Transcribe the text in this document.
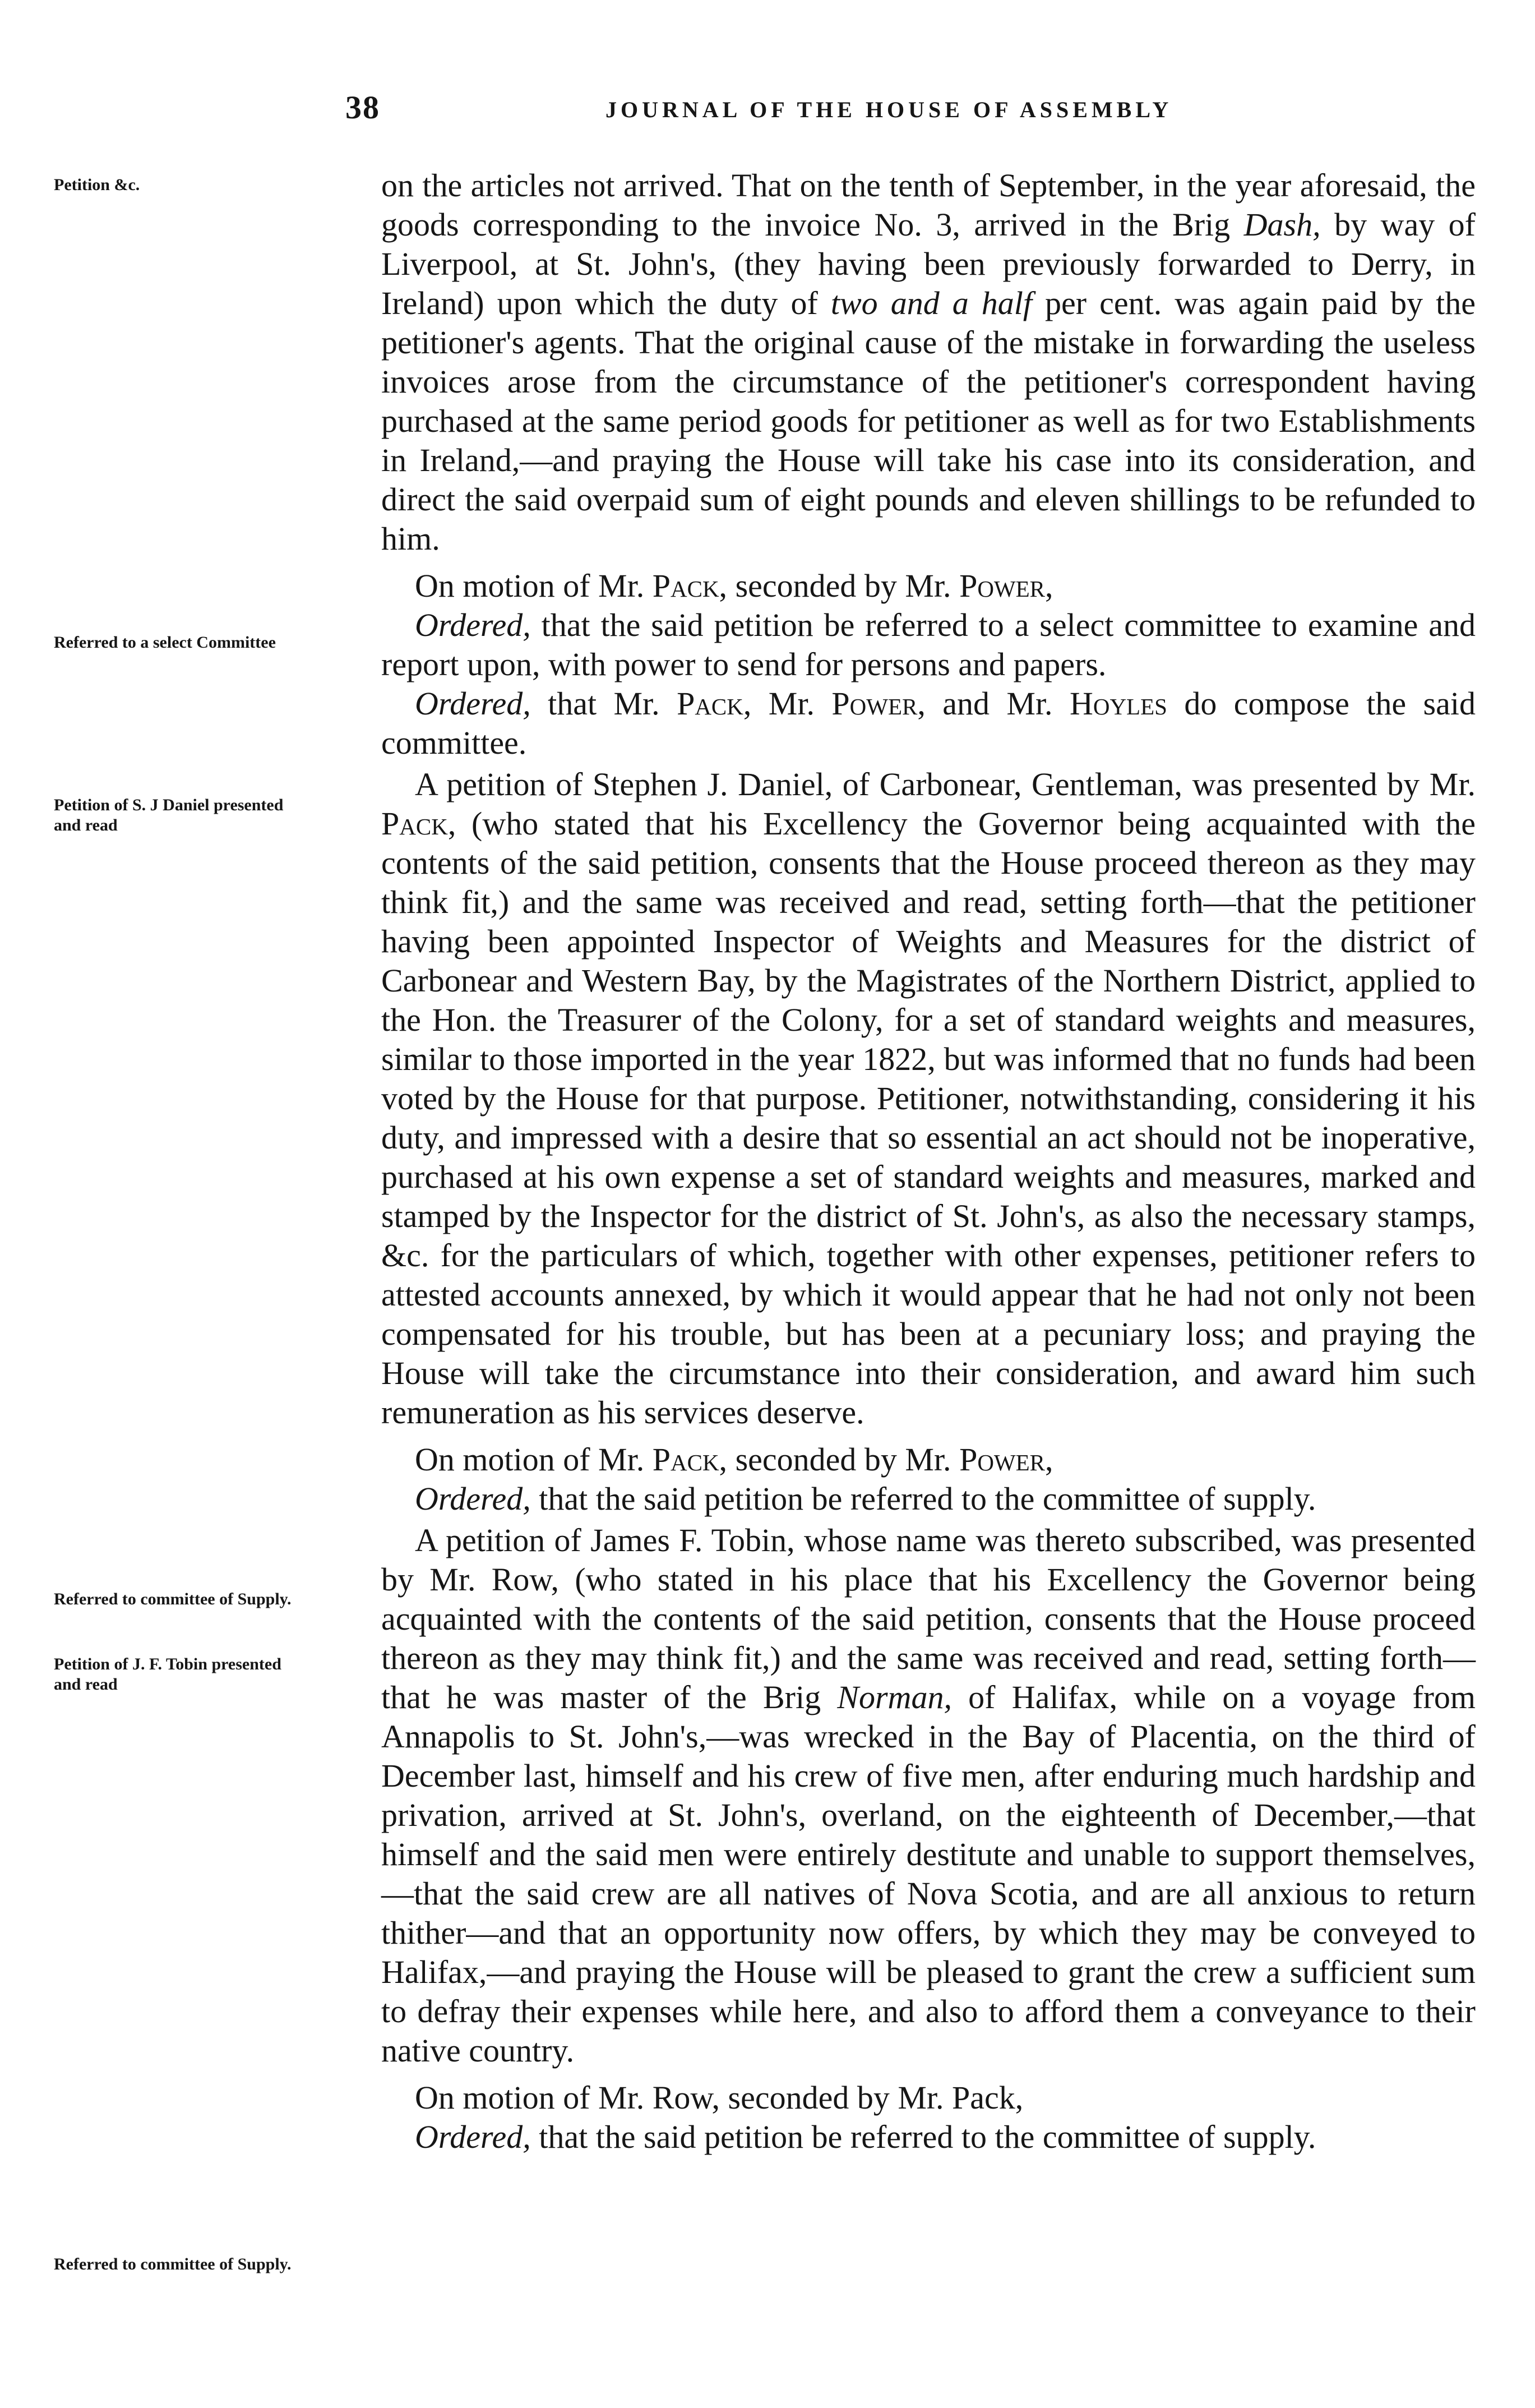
38	JOURNAL OF THE HOUSE OF ASSEMBLY
Petition &c.
Referred to a select Committee
Petition of S. J Daniel presented and read
Referred to committee of Supply.
Petition of J. F. Tobin presented and read
Referred to committee of Supply.

on the articles not arrived. That on the tenth of September, in the year aforesaid, the goods corresponding to the invoice No. 3, arrived in the Brig Dash, by way of Liverpool, at St. John's, (they having been previously forwarded to Derry, in Ireland) upon which the duty of two and a half per cent. was again paid by the petitioner's agents. That the original cause of the mistake in forwarding the useless invoices arose from the circumstance of the petitioner's correspondent having purchased at the same period goods for petitioner as well as for two Establishments in Ireland,—and praying the House will take his case into its consideration, and direct the said overpaid sum of eight pounds and eleven shillings to be refunded to him.

On motion of Mr. Pack, seconded by Mr. Power,

Ordered, that the said petition be referred to a select committee to examine and report upon, with power to send for persons and papers.

Ordered, that Mr. Pack, Mr. Power, and Mr. Hoyles do compose the said committee.

A petition of Stephen J. Daniel, of Carbonear, Gentleman, was presented by Mr. Pack, (who stated that his Excellency the Governor being acquainted with the contents of the said petition, consents that the House proceed thereon as they may think fit,) and the same was received and read, setting forth—that the petitioner having been appointed Inspector of Weights and Measures for the district of Carbonear and Western Bay, by the Magistrates of the Northern District, applied to the Hon. the Treasurer of the Colony, for a set of standard weights and measures, similar to those imported in the year 1822, but was informed that no funds had been voted by the House for that purpose. Petitioner, notwithstanding, considering it his duty, and impressed with a desire that so essential an act should not be inoperative, purchased at his own expense a set of standard weights and measures, marked and stamped by the Inspector for the district of St. John's, as also the necessary stamps, &c. for the particulars of which, together with other expenses, petitioner refers to attested accounts annexed, by which it would appear that he had not only not been compensated for his trouble, but has been at a pecuniary loss; and praying the House will take the circumstance into their consideration, and award him such remuneration as his services deserve.

On motion of Mr. Pack, seconded by Mr. Power,

Ordered, that the said petition be referred to the committee of supply.

A petition of James F. Tobin, whose name was thereto subscribed, was presented by Mr. Row, (who stated in his place that his Excellency the Governor being acquainted with the contents of the said petition, consents that the House proceed thereon as they may think fit,) and the same was received and read, setting forth—that he was master of the Brig Norman, of Halifax, while on a voyage from Annapolis to St. John's,—was wrecked in the Bay of Placentia, on the third of December last, himself and his crew of five men, after enduring much hardship and privation, arrived at St. John's, overland, on the eighteenth of December,—that himself and the said men were entirely destitute and unable to support themselves,—that the said crew are all natives of Nova Scotia, and are all anxious to return thither—and that an opportunity now offers, by which they may be conveyed to Halifax,—and praying the House will be pleased to grant the crew a sufficient sum to defray their expenses while here, and also to afford them a conveyance to their native country.

On motion of Mr. Row, seconded by Mr. Pack,

Ordered, that the said petition be referred to the committee of supply.
